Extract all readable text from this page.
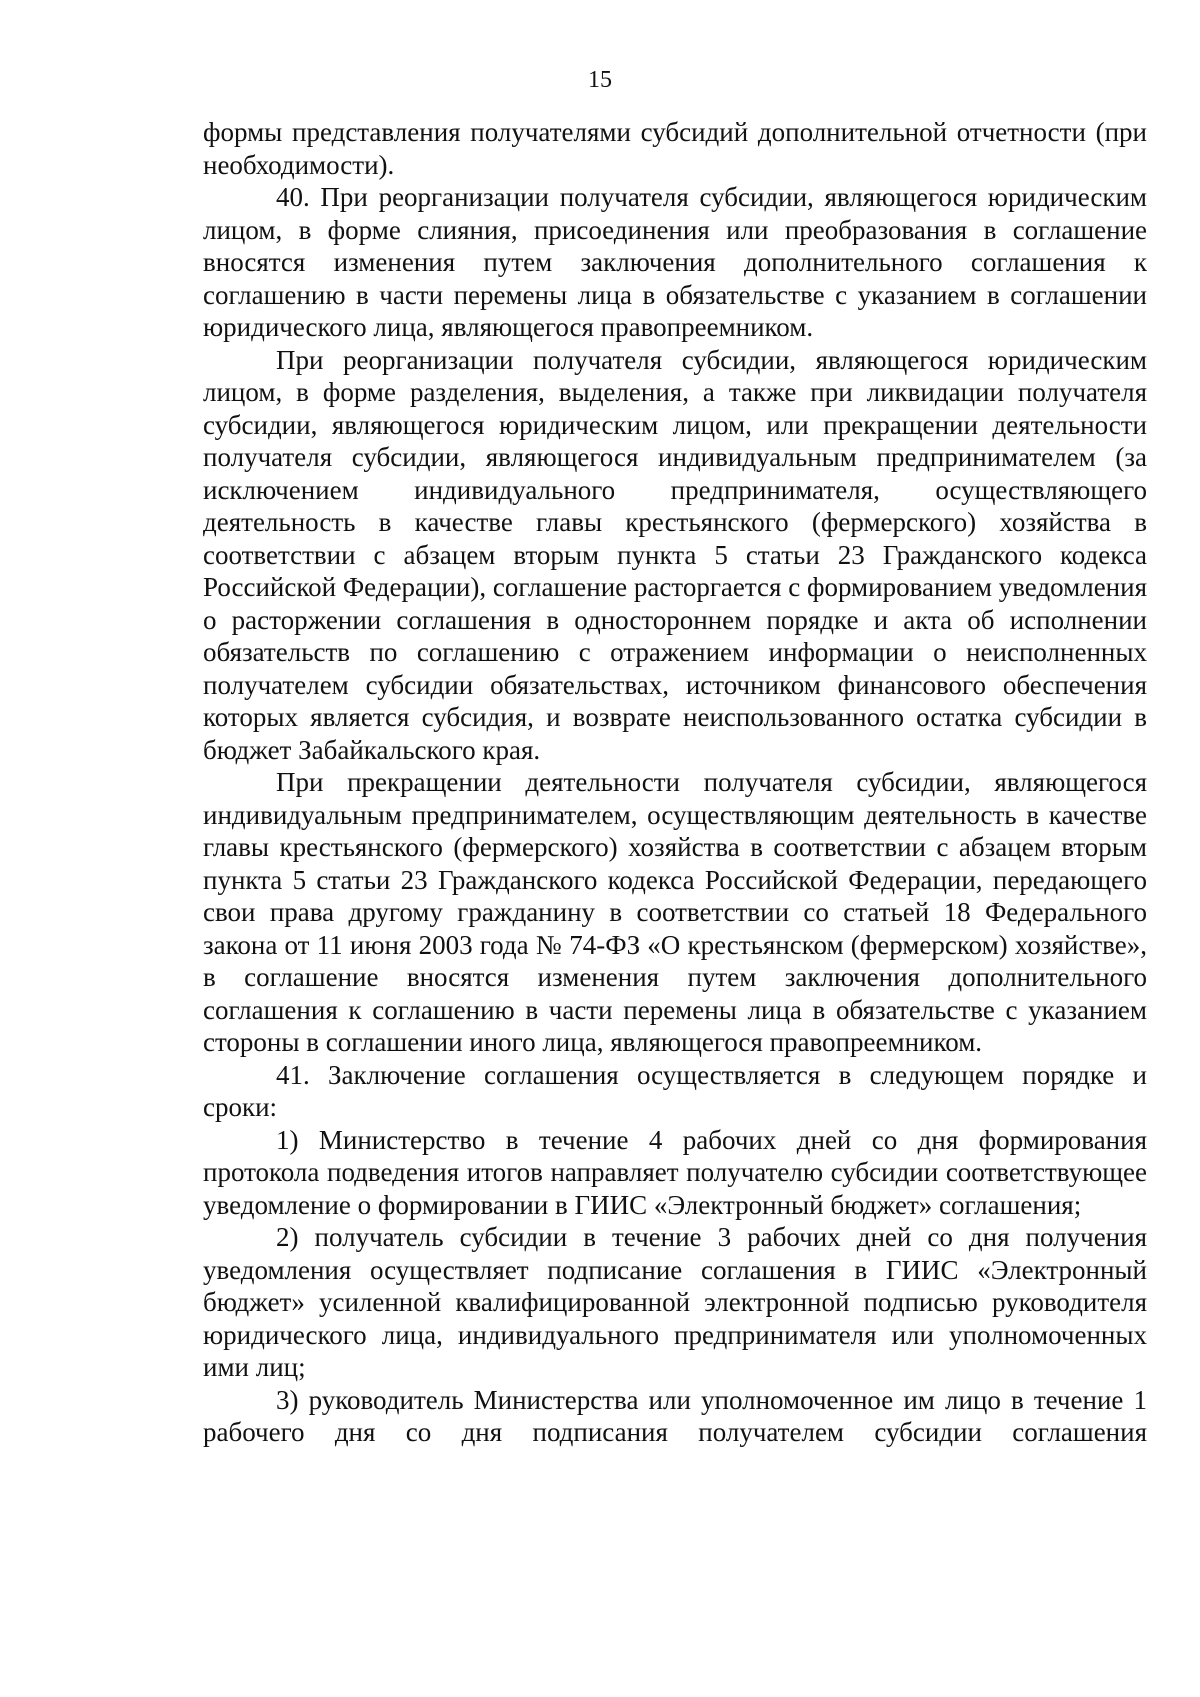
15

формы представления получателями субсидий дополнительной отчетности (при необходимости).

40. При реорганизации получателя субсидии, являющегося юридическим лицом, в форме слияния, присоединения или преобразования в соглашение вносятся изменения путем заключения дополнительного соглашения к соглашению в части перемены лица в обязательстве с указанием в соглашении юридического лица, являющегося правопреемником.

При реорганизации получателя субсидии, являющегося юридическим лицом, в форме разделения, выделения, а также при ликвидации получателя субсидии, являющегося юридическим лицом, или прекращении деятельности получателя субсидии, являющегося индивидуальным предпринимателем (за исключением индивидуального предпринимателя, осуществляющего деятельность в качестве главы крестьянского (фермерского) хозяйства в соответствии с абзацем вторым пункта 5 статьи 23 Гражданского кодекса Российской Федерации), соглашение расторгается с формированием уведомления о расторжении соглашения в одностороннем порядке и акта об исполнении обязательств по соглашению с отражением информации о неисполненных получателем субсидии обязательствах, источником финансового обеспечения которых является субсидия, и возврате неиспользованного остатка субсидии в бюджет Забайкальского края.

При прекращении деятельности получателя субсидии, являющегося индивидуальным предпринимателем, осуществляющим деятельность в качестве главы крестьянского (фермерского) хозяйства в соответствии с абзацем вторым пункта 5 статьи 23 Гражданского кодекса Российской Федерации, передающего свои права другому гражданину в соответствии со статьей 18 Федерального закона от 11 июня 2003 года № 74-ФЗ «О крестьянском (фермерском) хозяйстве», в соглашение вносятся изменения путем заключения дополнительного соглашения к соглашению в части перемены лица в обязательстве с указанием стороны в соглашении иного лица, являющегося правопреемником.

41. Заключение соглашения осуществляется в следующем порядке и сроки:

1) Министерство в течение 4 рабочих дней со дня формирования протокола подведения итогов направляет получателю субсидии соответствующее уведомление о формировании в ГИИС «Электронный бюджет» соглашения;

2) получатель субсидии в течение 3 рабочих дней со дня получения уведомления осуществляет подписание соглашения в ГИИС «Электронный бюджет» усиленной квалифицированной электронной подписью руководителя юридического лица, индивидуального предпринимателя или уполномоченных ими лиц;

3) руководитель Министерства или уполномоченное им лицо в течение 1 рабочего дня со дня подписания получателем субсидии соглашения
